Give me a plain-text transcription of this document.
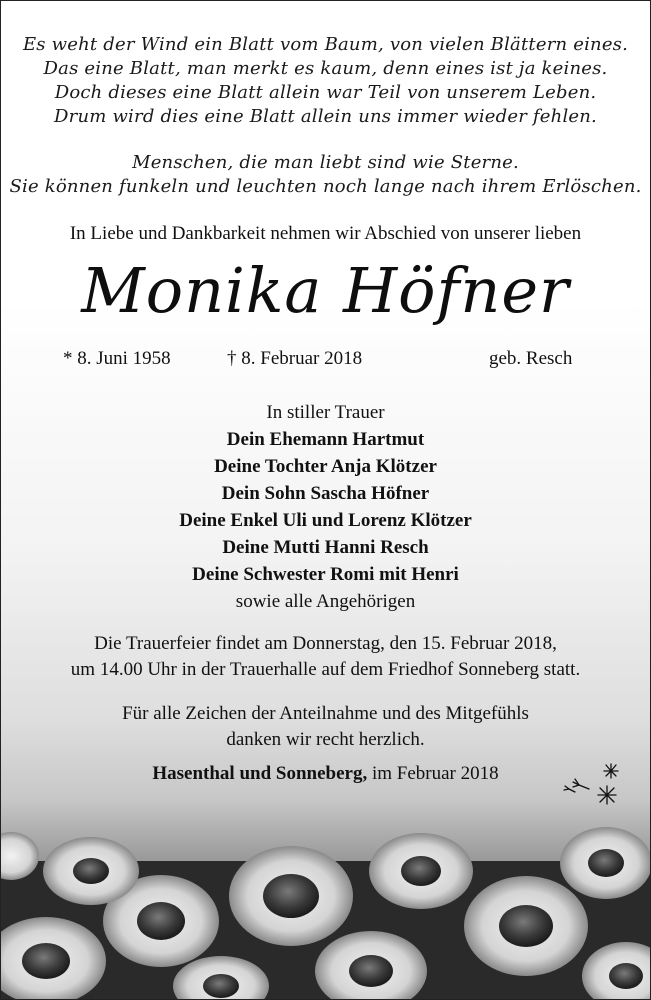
Es weht der Wind ein Blatt vom Baum, von vielen Blättern eines.
Das eine Blatt, man merkt es kaum, denn eines ist ja keines.
Doch dieses eine Blatt allein war Teil von unserem Leben.
Drum wird dies eine Blatt allein uns immer wieder fehlen.
Menschen, die man liebt sind wie Sterne.
Sie können funkeln und leuchten noch lange nach ihrem Erlöschen.
In Liebe und Dankbarkeit nehmen wir Abschied von unserer lieben
Monika Höfner
* 8. Juni 1958	† 8. Februar 2018	geb. Resch
In stiller Trauer
Dein Ehemann Hartmut
Deine Tochter Anja Klötzer
Dein Sohn Sascha Höfner
Deine Enkel Uli und Lorenz Klötzer
Deine Mutti Hanni Resch
Deine Schwester Romi mit Henri
sowie alle Angehörigen
Die Trauerfeier findet am Donnerstag, den 15. Februar 2018,
um 14.00 Uhr in der Trauerhalle auf dem Friedhof Sonneberg statt.
Für alle Zeichen der Anteilnahme und des Mitgefühls
danken wir recht herzlich.
Hasenthal und Sonneberg, im Februar 2018
